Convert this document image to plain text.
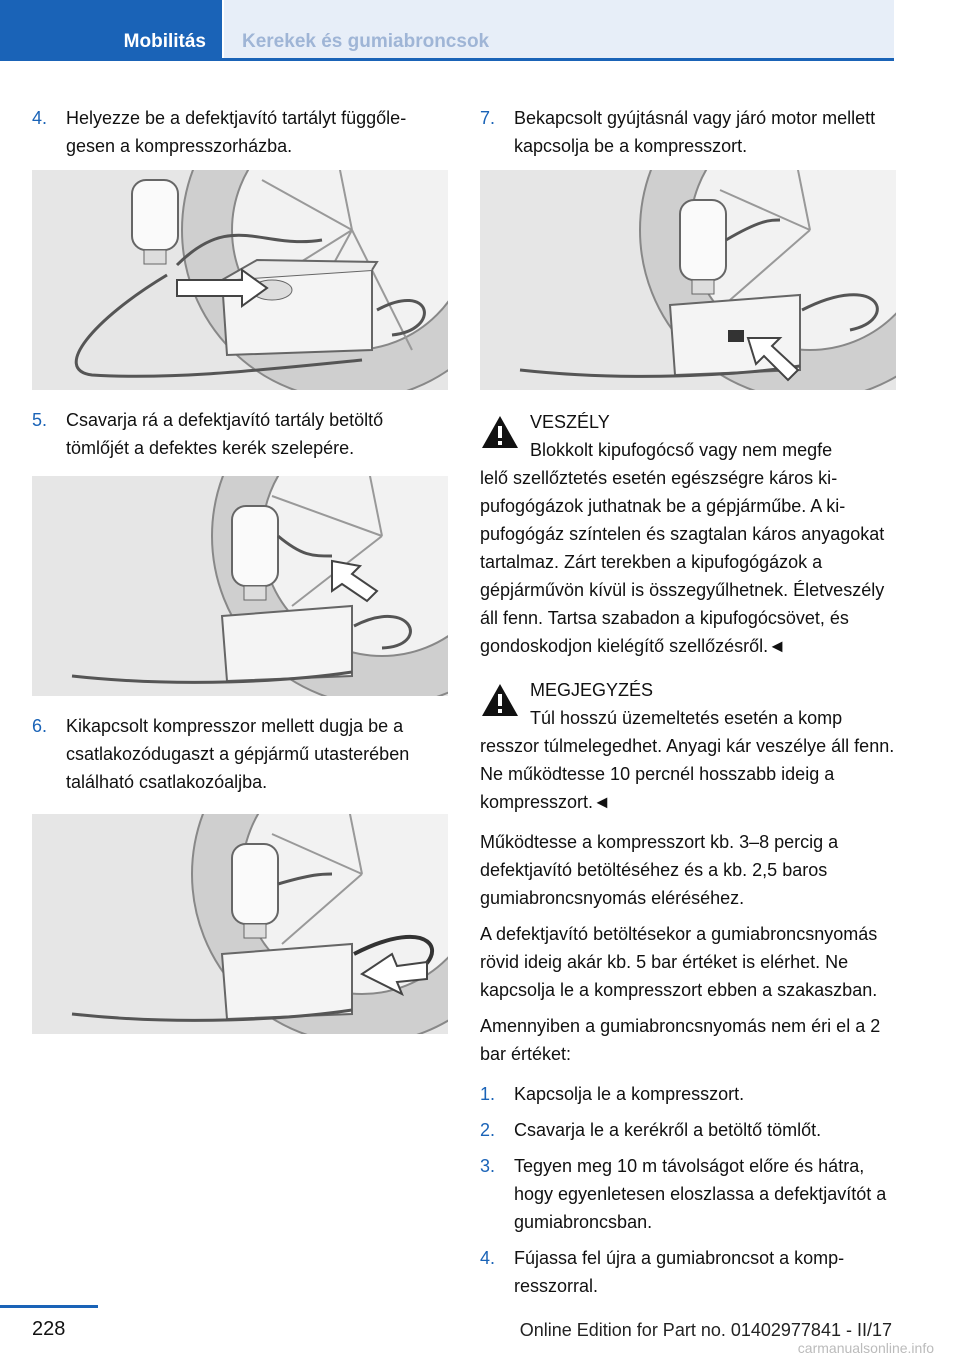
Mobilitás Kerekek és gumiabroncsok
4. Helyezze be a defektjavító tartályt függőlegesen a kompresszorházba.
5. Csavarja rá a defektjavító tartály betöltő tömlőjét a defektes kerék szelepére.
6. Kikapcsolt kompresszor mellett dugja be a csatlakozódugaszt a gépjármű utasterében található csatlakozóaljba.
7. Bekapcsolt gyújtásnál vagy járó motor mellett kapcsolja be a kompresszort.

VESZÉLY

Blokkolt kipufogócső vagy nem megfe

lelő szellőztetés esetén egészségre káros kipufogógázok juthatnak be a gépjárműbe. A kipufogógáz színtelen és szagtalan káros anyagokat tartalmaz. Zárt terekben a kipufogógázok a gépjárművön kívül is összegyűlhetnek. Életveszély áll fenn. Tartsa szabadon a kipufogócsövet, és gondoskodjon kielégítő szellőzésről.◄

MEGJEGYZÉS

Túl hosszú üzemeltetés esetén a komp

resszor túlmelegedhet. Anyagi kár veszélye áll fenn. Ne működtesse 10 percnél hosszabb ideig a kompresszort.◄

Működtesse a kompresszort kb. 3–8 percig a defektjavító betöltéséhez és a kb. 2,5 baros gumiabroncsnyomás eléréséhez.

A defektjavító betöltésekor a gumiabroncsnyomás rövid ideig akár kb. 5 bar értéket is elérhet. Ne kapcsolja le a kompresszort ebben a szakaszban.

Amennyiben a gumiabroncsnyomás nem éri el a 2 bar értéket:

1. Kapcsolja le a kompresszort.
2. Csavarja le a kerékről a betöltő tömlőt.
3. Tegyen meg 10 m távolságot előre és hátra, hogy egyenletesen eloszlassa a defektjavítót a gumiabroncsban.
4. Fújassa fel újra a gumiabroncsot a kompresszorral.
228	Online Edition for Part no. 01402977841 - II/17
carmanualsonline.info
